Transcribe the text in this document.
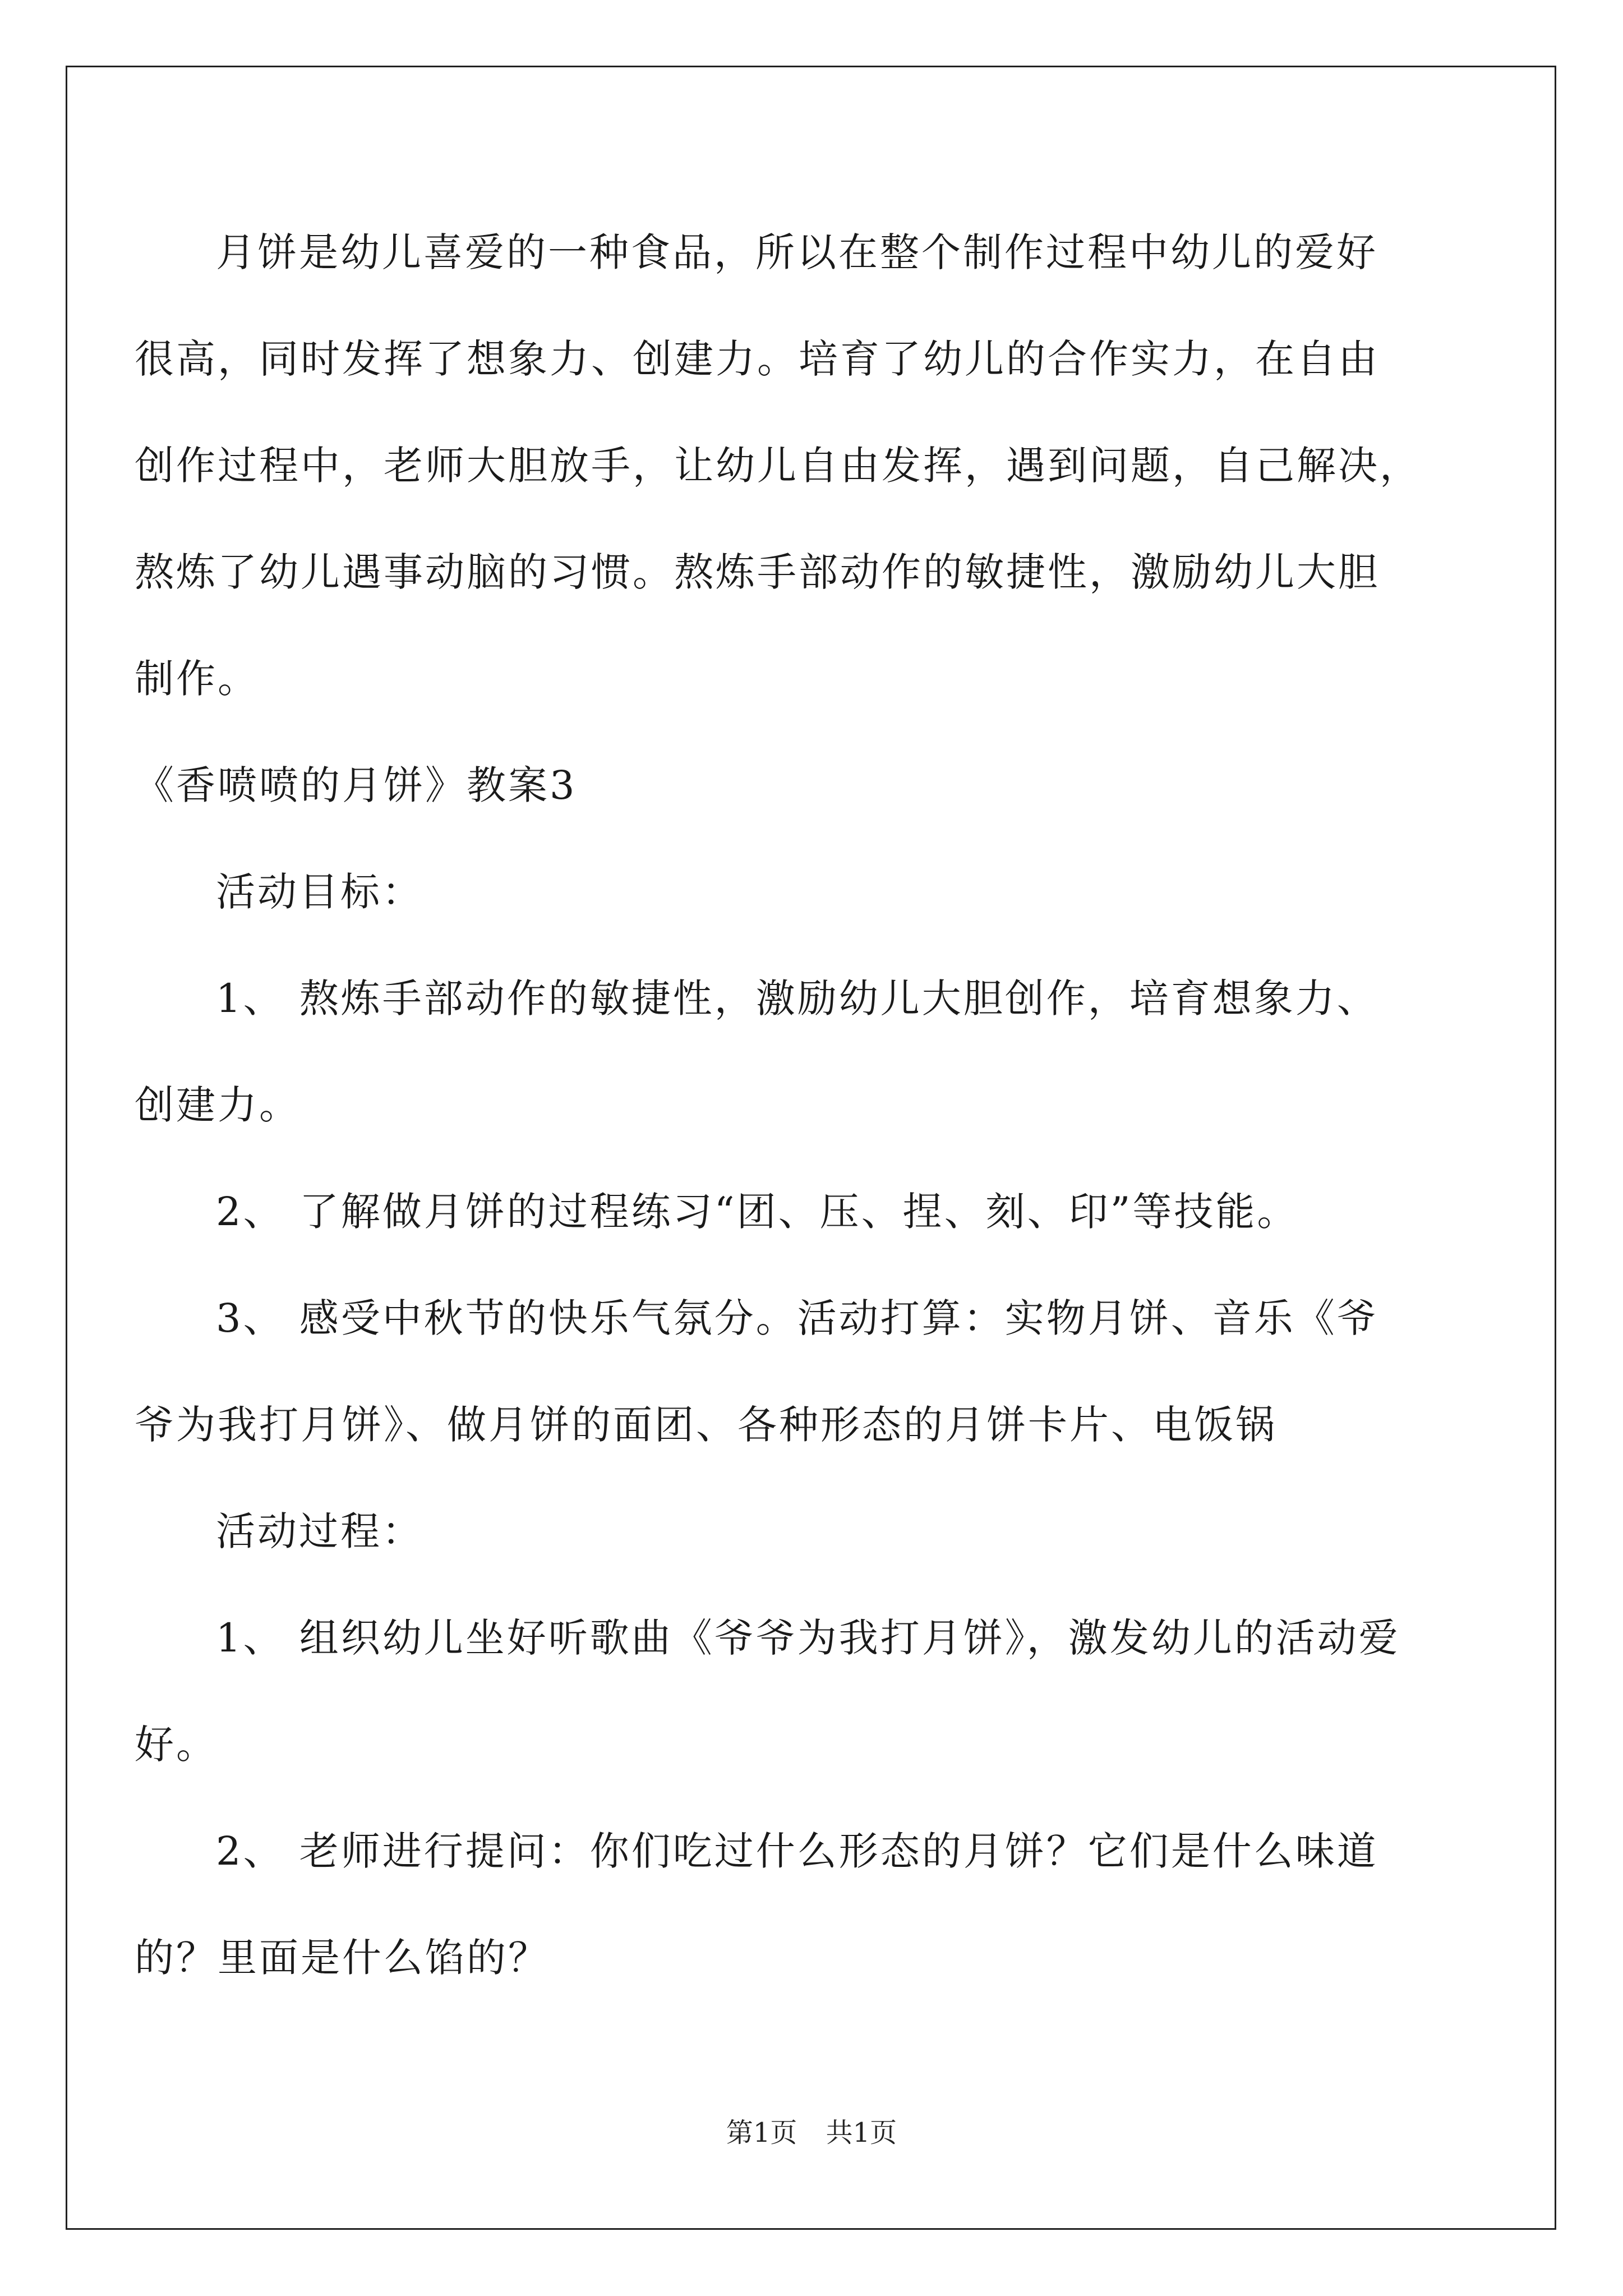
月饼是幼儿喜爱的一种食品，所以在整个制作过程中幼儿的爱好
很高，同时发挥了想象力、创建力。培育了幼儿的合作实力，在自由
创作过程中，老师大胆放手，让幼儿自由发挥，遇到问题，自己解决，
熬炼了幼儿遇事动脑的习惯。熬炼手部动作的敏捷性，激励幼儿大胆
制作。
《香喷喷的月饼》教案3
活动目标：
1、 熬炼手部动作的敏捷性，激励幼儿大胆创作，培育想象力、
创建力。
2、 了解做月饼的过程练习“团、压、捏、刻、印”等技能。
3、 感受中秋节的快乐气氛分。活动打算：实物月饼、音乐《爷
爷为我打月饼》、做月饼的面团、各种形态的月饼卡片、电饭锅
活动过程：
1、 组织幼儿坐好听歌曲《爷爷为我打月饼》，激发幼儿的活动爱
好。
2、 老师进行提问：你们吃过什么形态的月饼？它们是什么味道
的？里面是什么馅的？
第1页 共1页
